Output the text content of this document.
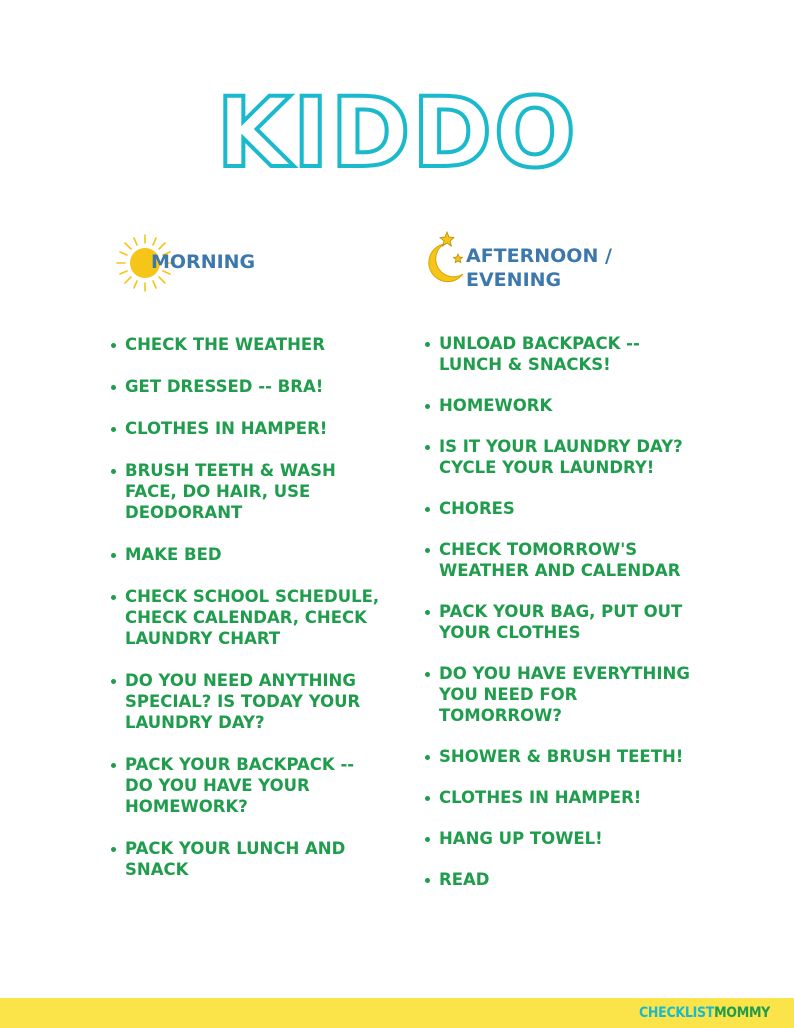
KIDDO
MORNING	AFTERNOON /
EVENING
CHECK THE WEATHER
GET DRESSED -- BRA!
CLOTHES IN HAMPER!
BRUSH TEETH & WASH
FACE, DO HAIR, USE
DEODORANT
MAKE BED
CHECK SCHOOL SCHEDULE,
CHECK CALENDAR, CHECK
LAUNDRY CHART
DO YOU NEED ANYTHING
SPECIAL? IS TODAY YOUR
LAUNDRY DAY?
PACK YOUR BACKPACK --
DO YOU HAVE YOUR
HOMEWORK?
PACK YOUR LUNCH AND
SNACK
UNLOAD BACKPACK --
LUNCH & SNACKS!
HOMEWORK
IS IT YOUR LAUNDRY DAY?
CYCLE YOUR LAUNDRY!
CHORES
CHECK TOMORROW'S
WEATHER AND CALENDAR
PACK YOUR BAG, PUT OUT
YOUR CLOTHES
DO YOU HAVE EVERYTHING
YOU NEED FOR
TOMORROW?
SHOWER & BRUSH TEETH!
CLOTHES IN HAMPER!
HANG UP TOWEL!
READ
CHECKLISTMOMMY
